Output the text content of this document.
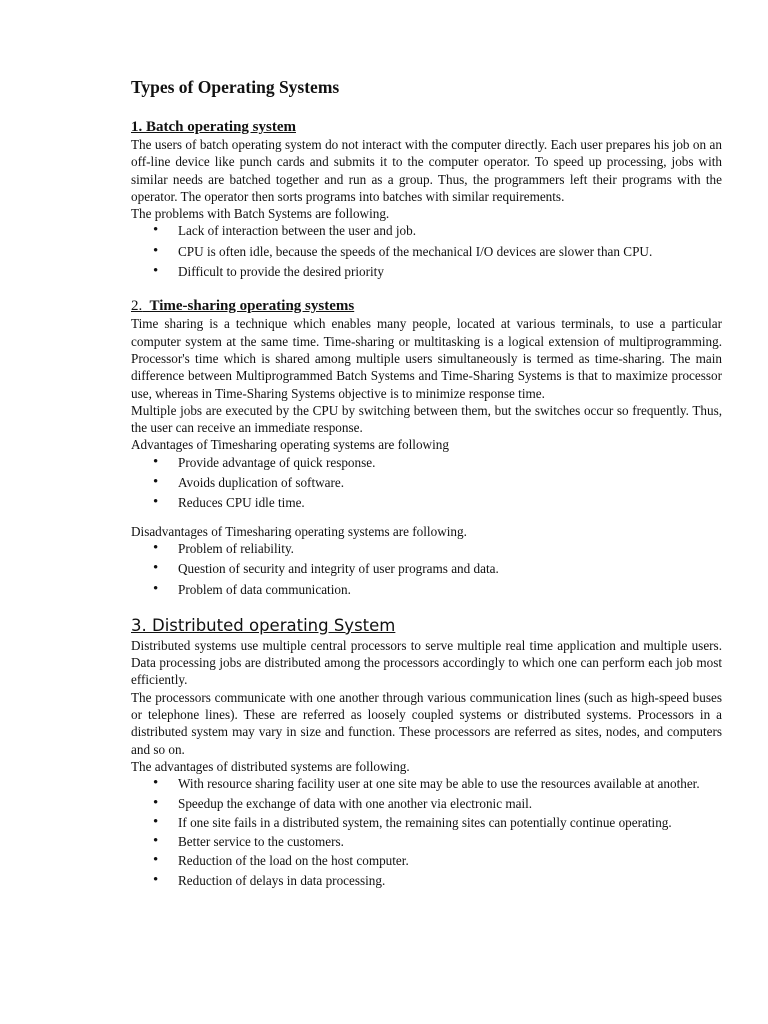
Types of Operating Systems
1. Batch operating system

The users of batch operating system do not interact with the computer directly. Each user prepares his job on an off-line device like punch cards and submits it to the computer operator. To speed up processing, jobs with similar needs are batched together and run as a group. Thus, the programmers left their programs with the operator. The operator then sorts programs into batches with similar requirements.

The problems with Batch Systems are following.

• Lack of interaction between the user and job.
• CPU is often idle, because the speeds of the mechanical I/O devices are slower than CPU.
• Difficult to provide the desired priority
2. Time-sharing operating systems

Time sharing is a technique which enables many people, located at various terminals, to use a particular computer system at the same time. Time-sharing or multitasking is a logical extension of multiprogramming. Processor's time which is shared among multiple users simultaneously is termed as time-sharing. The main difference between Multiprogrammed Batch Systems and Time-Sharing Systems is that to maximize processor use, whereas in Time-Sharing Systems objective is to minimize response time.

Multiple jobs are executed by the CPU by switching between them, but the switches occur so frequently. Thus, the user can receive an immediate response.

Advantages of Timesharing operating systems are following

• Provide advantage of quick response.
• Avoids duplication of software.
• Reduces CPU idle time.

Disadvantages of Timesharing operating systems are following.

• Problem of reliability.
• Question of security and integrity of user programs and data.
• Problem of data communication.
3. Distributed operating System

Distributed systems use multiple central processors to serve multiple real time application and multiple users. Data processing jobs are distributed among the processors accordingly to which one can perform each job most efficiently.

The processors communicate with one another through various communication lines (such as high-speed buses or telephone lines). These are referred as loosely coupled systems or distributed systems. Processors in a distributed system may vary in size and function. These processors are referred as sites, nodes, and computers and so on.

The advantages of distributed systems are following.

• With resource sharing facility user at one site may be able to use the resources available at another.
• Speedup the exchange of data with one another via electronic mail.
• If one site fails in a distributed system, the remaining sites can potentially continue operating.
• Better service to the customers.
• Reduction of the load on the host computer.
• Reduction of delays in data processing.
